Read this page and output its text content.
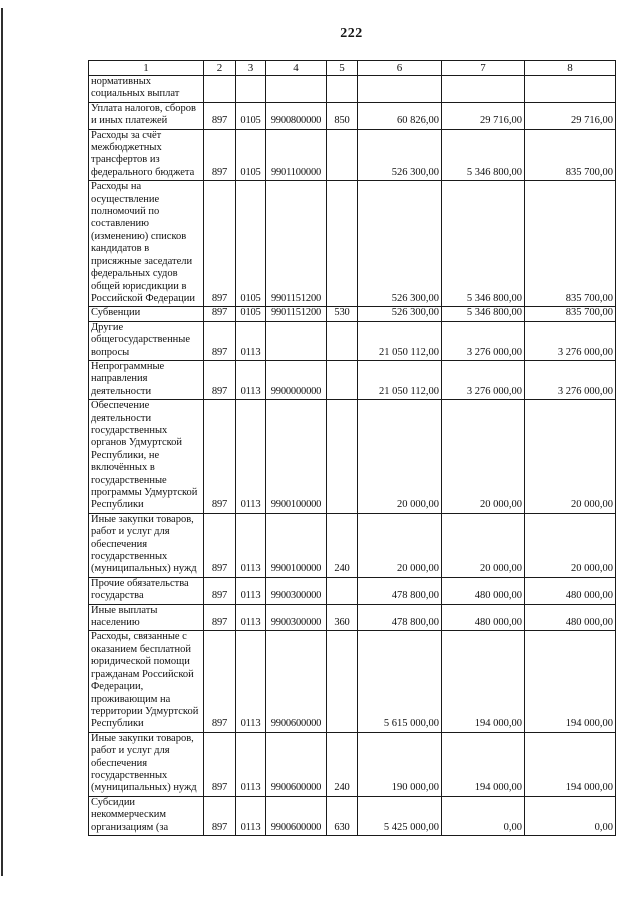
222
1	2	3	4	5	6	7	8
нормативных социальных выплат							
Уплата налогов, сборов и иных платежей	897	0105	9900800000	850	60 826,00	29 716,00	29 716,00
Расходы за счёт межбюджетных трансфертов из федерального бюджета	897	0105	9901100000		526 300,00	5 346 800,00	835 700,00
Расходы на осуществление полномочий по составлению (изменению) списков кандидатов в присяжные заседатели федеральных судов общей юрисдикции в Российской Федерации	897	0105	9901151200		526 300,00	5 346 800,00	835 700,00
Субвенции	897	0105	9901151200	530	526 300,00	5 346 800,00	835 700,00
Другие общегосударственные вопросы	897	0113			21 050 112,00	3 276 000,00	3 276 000,00
Непрограммные направления деятельности	897	0113	9900000000		21 050 112,00	3 276 000,00	3 276 000,00
Обеспечение деятельности государственных органов Удмуртской Республики, не включённых в государственные программы Удмуртской Республики	897	0113	9900100000		20 000,00	20 000,00	20 000,00
Иные закупки товаров, работ и услуг для обеспечения государственных (муниципальных) нужд	897	0113	9900100000	240	20 000,00	20 000,00	20 000,00
Прочие обязательства государства	897	0113	9900300000		478 800,00	480 000,00	480 000,00
Иные выплаты населению	897	0113	9900300000	360	478 800,00	480 000,00	480 000,00
Расходы, связанные с оказанием бесплатной юридической помощи гражданам Российской Федерации, проживающим на территории Удмуртской Республики	897	0113	9900600000		5 615 000,00	194 000,00	194 000,00
Иные закупки товаров, работ и услуг для обеспечения государственных (муниципальных) нужд	897	0113	9900600000	240	190 000,00	194 000,00	194 000,00
Субсидии некоммерческим организациям (за	897	0113	9900600000	630	5 425 000,00	0,00	0,00
